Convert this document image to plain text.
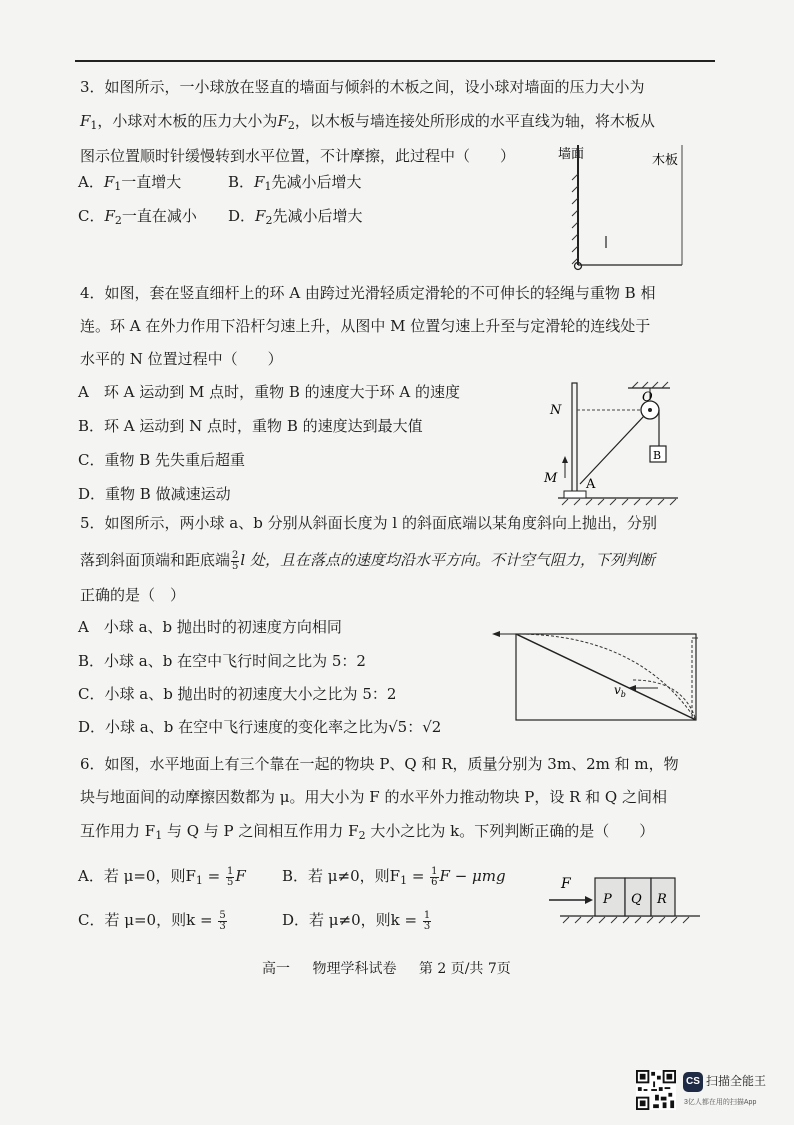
3．如图所示，一小球放在竖直的墙面与倾斜的木板之间，设小球对墙面的压力大小为
$F_1$，小球对木板的压力大小为$F_2$，以木板与墙连接处所形成的水平直线为轴，将木板从
图示位置顺时针缓慢转到水平位置，不计摩擦，此过程中（　　）
A．$F_1$一直增大	B．$F_1$先减小后增大
C．$F_2$一直在减小 D．$F_2$先减小后增大
墙面	木板
4．如图，套在竖直细杆上的环 A 由跨过光滑轻质定滑轮的不可伸长的轻绳与重物 B 相
连。环 A 在外力作用下沿杆匀速上升，从图中 M 位置匀速上升至与定滑轮的连线处于
水平的 N 位置过程中（　　）
A　环 A 运动到 M 点时，重物 B 的速度大于环 A 的速度
B．环 A 运动到 N 点时，重物 B 的速度达到最大值
C．重物 B 先失重后超重
D．重物 B 做减速运动
B
O
N
M A
5．如图所示，两小球 a、b 分别从斜面长度为 l 的斜面底端以某角度斜向上抛出，分别
落到斜面顶端和距底端 $\frac{2}{5}$ l 处，且在落点的速度均沿水平方向。不计空气阻力，下列判断
正确的是（　）
A　小球 a、b 抛出时的初速度方向相同
B．小球 a、b 在空中飞行时间之比为 5：2
C．小球 a、b 抛出时的初速度大小之比为 5：2
D．小球 a、b 在空中飞行速度的变化率之比为√5：√2
$v_b$
6．如图，水平地面上有三个靠在一起的物块 P、Q 和 R，质量分别为 3m、2m 和 m，物
块与地面间的动摩擦因数都为 μ。用大小为 F 的水平外力推动物块 P，设 R 和 Q 之间相
互作用力 $F_1$ 与 Q 与 P 之间相互作用力 $F_2$ 大小之比为 k。下列判断正确的是（　　）
A．若 μ=0，则$F_1 = \frac{1}{5}$ F B．若 μ≠0，则$F_1 = \frac{1}{6}$ F − μmg
C．若 μ=0，则$k = \frac{5}{3}$	D．若 μ≠0，则$k = \frac{1}{3}$
F
P Q R
高一 物理学科试卷 第 2 页/共 7页
CS 扫描全能王
3亿人都在用的扫描App
